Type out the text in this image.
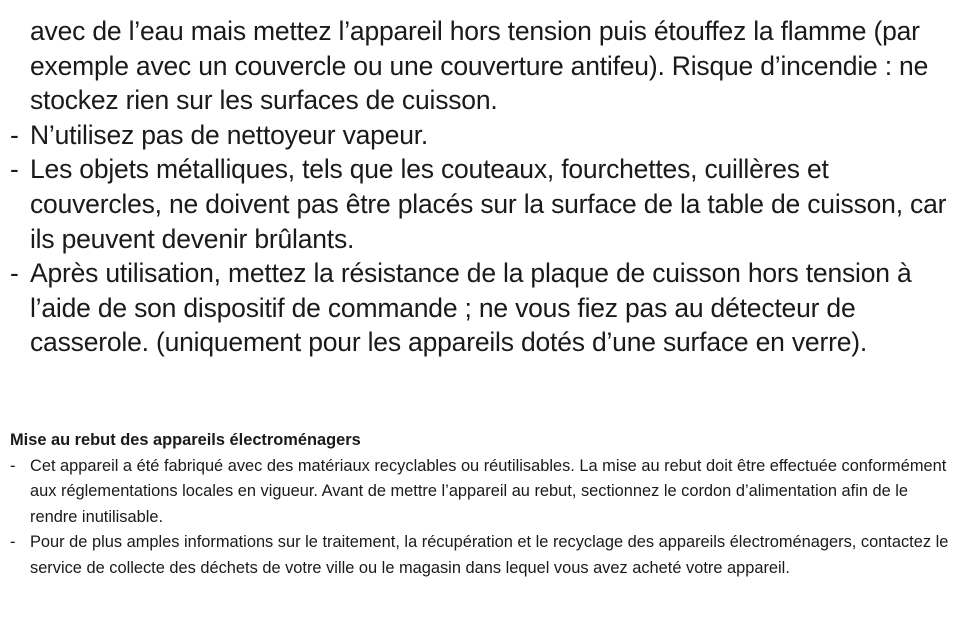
avec de l’eau mais mettez l’appareil hors tension puis étouffez la flamme (par exemple avec un couvercle ou une couverture antifeu). Risque d’incendie : ne stockez rien sur les surfaces de cuisson.

- N’utilisez pas de nettoyeur vapeur.

- Les objets métalliques, tels que les couteaux, fourchettes, cuillères et couvercles, ne doivent pas être placés sur la surface de la table de cuisson, car ils peuvent devenir brûlants.

- Après utilisation, mettez la résistance de la plaque de cuisson hors tension à l’aide de son dispositif de commande ; ne vous fiez pas au détecteur de casserole. (uniquement pour les appareils dotés d’une surface en verre).

Mise au rebut des appareils électroménagers

- Cet appareil a été fabriqué avec des matériaux recyclables ou réutilisables. La mise au rebut doit être effectuée conformément aux réglementations locales en vigueur. Avant de mettre l’appareil au rebut, sectionnez le cordon d’alimentation afin de le rendre inutilisable.

- Pour de plus amples informations sur le traitement, la récupération et le recyclage des appareils électroménagers, contactez le service de collecte des déchets de votre ville ou le magasin dans lequel vous avez acheté votre appareil.
